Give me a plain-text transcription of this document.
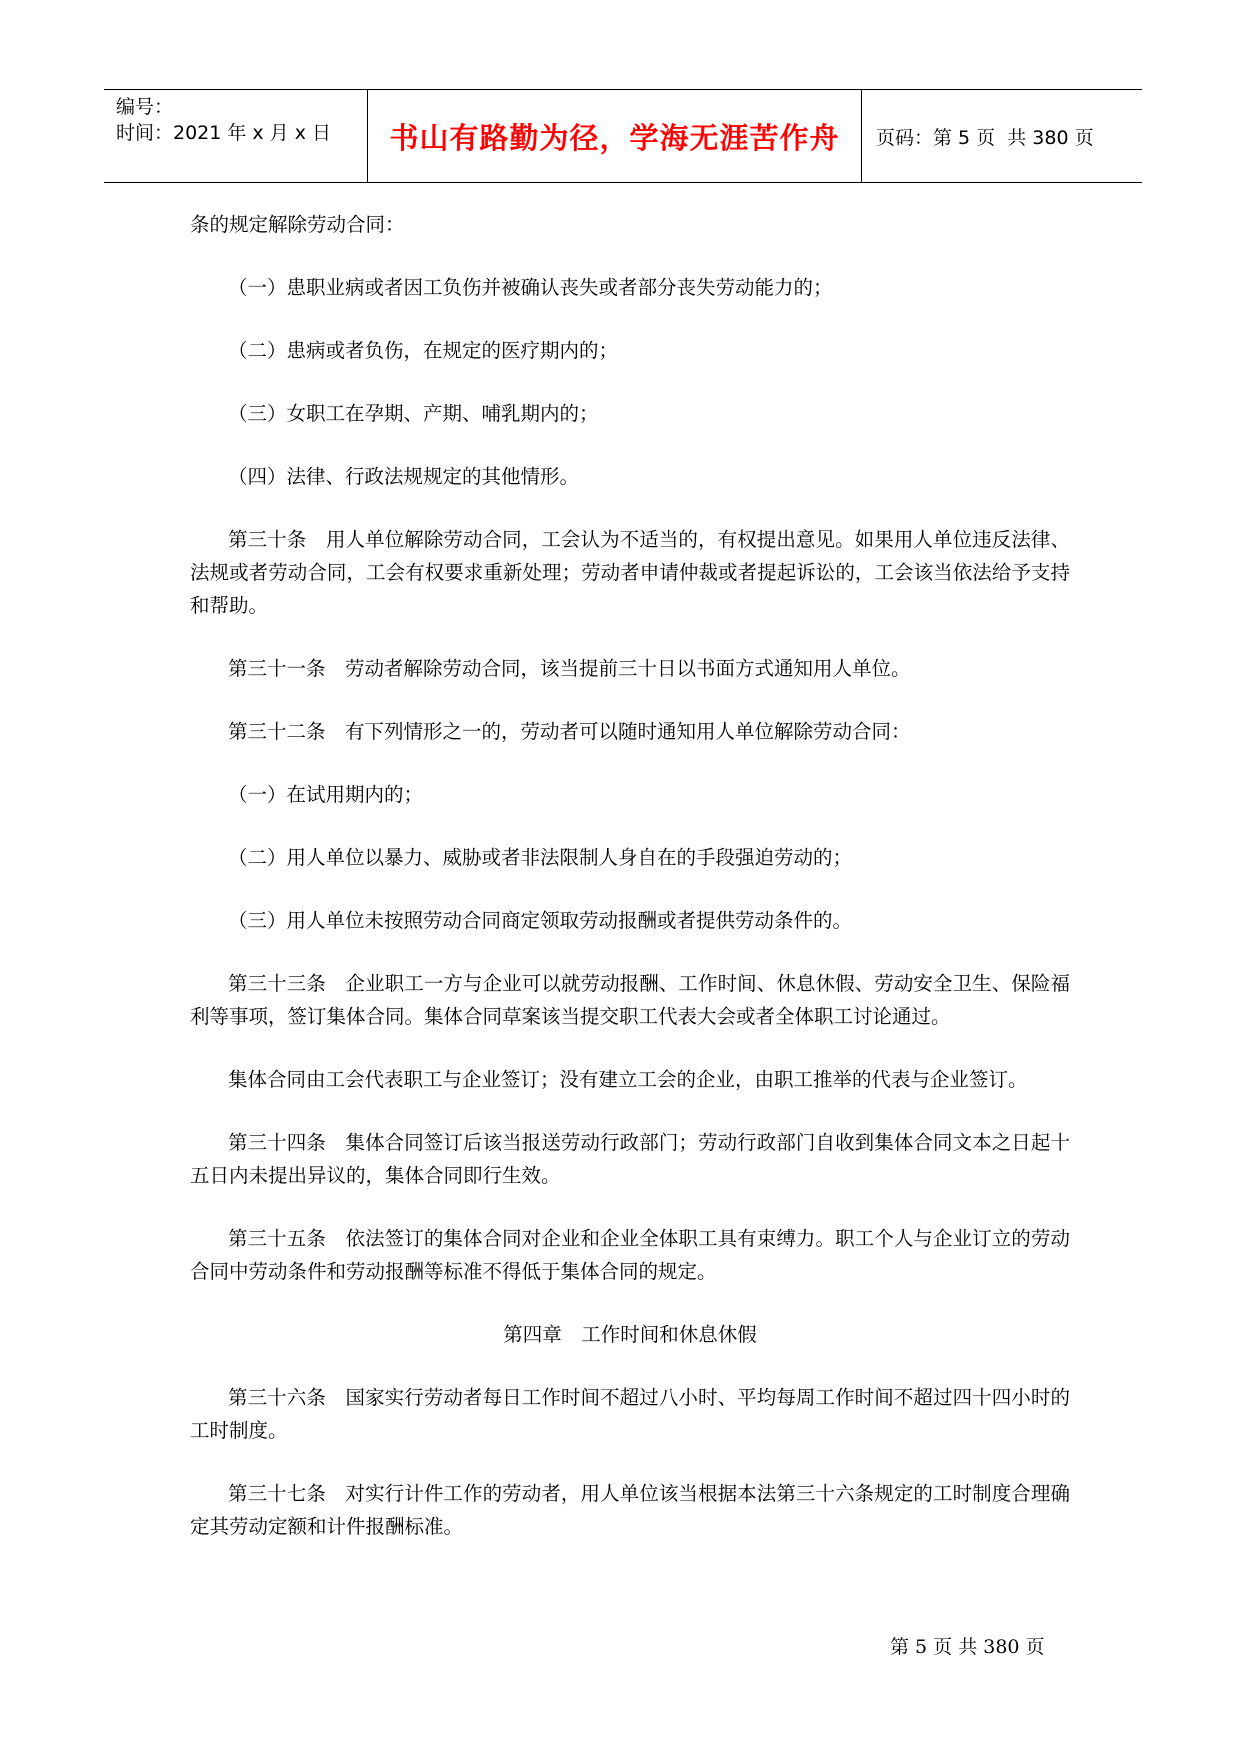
编号：
时间：2021 年 x 月 x 日	书山有路勤为径，学海无涯苦作舟	页码：第 5 页  共 380 页

条的规定解除劳动合同：

（一）患职业病或者因工负伤并被确认丧失或者部分丧失劳动能力的；

（二）患病或者负伤，在规定的医疗期内的；

（三）女职工在孕期、产期、哺乳期内的；

（四）法律、行政法规规定的其他情形。

第三十条　 用人单位解除劳动合同，工会认为不适当的，有权提出意见。如果用人单位违反法律、法规或者劳动合同，工会有权要求重新处理；劳动者申请仲裁或者提起诉讼的，工会该当依法给予支持和帮助。

第三十一条　 劳动者解除劳动合同，该当提前三十日以书面方式通知用人单位。

第三十二条　 有下列情形之一的，劳动者可以随时通知用人单位解除劳动合同：

（一）在试用期内的；

（二）用人单位以暴力、威胁或者非法限制人身自在的手段强迫劳动的；

（三）用人单位未按照劳动合同商定领取劳动报酬或者提供劳动条件的。

第三十三条　 企业职工一方与企业可以就劳动报酬、工作时间、休息休假、劳动安全卫生、保险福利等事项，签订集体合同。集体合同草案该当提交职工代表大会或者全体职工讨论通过。

集体合同由工会代表职工与企业签订；没有建立工会的企业，由职工推举的代表与企业签订。

第三十四条　 集体合同签订后该当报送劳动行政部门；劳动行政部门自收到集体合同文本之日起十五日内未提出异议的，集体合同即行生效。

第三十五条　 依法签订的集体合同对企业和企业全体职工具有束缚力。职工个人与企业订立的劳动合同中劳动条件和劳动报酬等标准不得低于集体合同的规定。

第四章　工作时间和休息休假

第三十六条　 国家实行劳动者每日工作时间不超过八小时、平均每周工作时间不超过四十四小时的工时制度。

第三十七条　 对实行计件工作的劳动者，用人单位该当根据本法第三十六条规定的工时制度合理确定其劳动定额和计件报酬标准。

第 5 页 共 380 页
